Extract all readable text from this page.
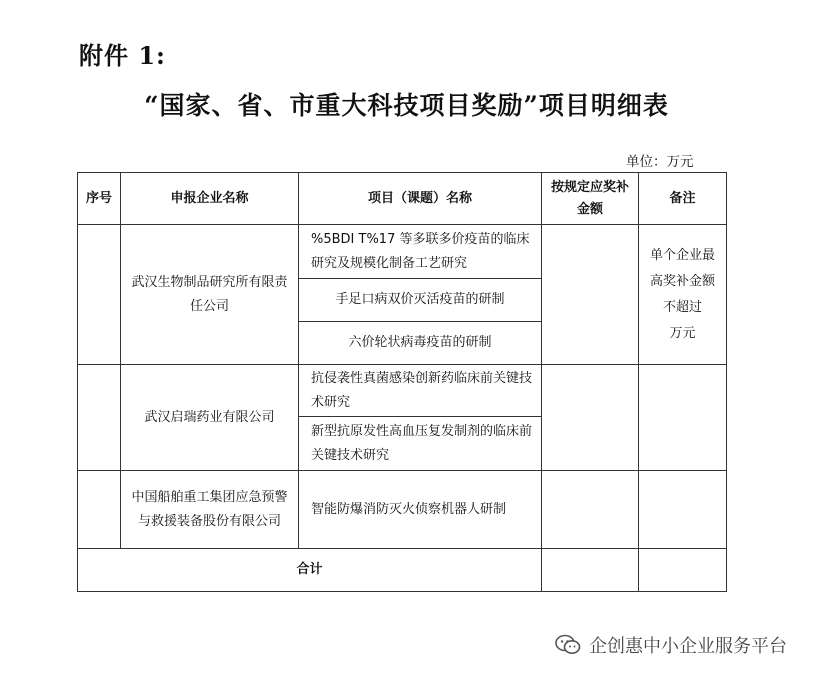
附件 1:
“国家、省、市重大科技项目奖励”项目明细表
单位：万元
序号	申报企业名称	项目（课题）名称	按规定应奖补金额	备注
	武汉生物制品研究所有限责任公司	%5BDI T%17 等多联多价疫苗的临床研究及规模化制备工艺研究		单个企业最高奖补金额不超过　　万元
		手足口病双价灭活疫苗的研制		
		六价轮状病毒疫苗的研制		
	武汉启瑞药业有限公司	抗侵袭性真菌感染创新药临床前关键技术研究		
		新型抗原发性高血压复发制剂的临床前关键技术研究		
	中国船舶重工集团应急预警与救援装备股份有限公司	智能防爆消防灭火侦察机器人研制		
合计				
企创惠中小企业服务平台
